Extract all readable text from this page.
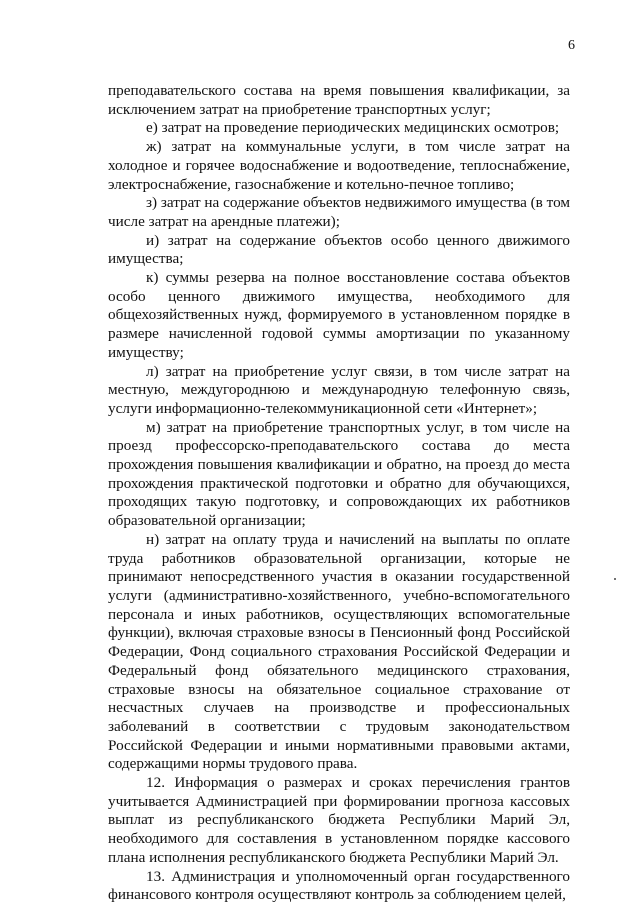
6

преподавательского состава на время повышения квалификации, за исключением затрат на приобретение транспортных услуг;

е) затрат на проведение периодических медицинских осмотров;

ж) затрат на коммунальные услуги, в том числе затрат на холодное и горячее водоснабжение и водоотведение, теплоснабжение, электроснабжение, газоснабжение и котельно-печное топливо;

з) затрат на содержание объектов недвижимого имущества (в том числе затрат на арендные платежи);

и) затрат на содержание объектов особо ценного движимого имущества;

к) суммы резерва на полное восстановление состава объектов особо ценного движимого имущества, необходимого для общехозяйственных нужд, формируемого в установленном порядке в размере начисленной годовой суммы амортизации по указанному имуществу;

л) затрат на приобретение услуг связи, в том числе затрат на местную, междугороднюю и международную телефонную связь, услуги информационно-телекоммуникационной сети «Интернет»;

м) затрат на приобретение транспортных услуг, в том числе на проезд профессорско-преподавательского состава до места прохождения повышения квалификации и обратно, на проезд до места прохождения практической подготовки и обратно для обучающихся, проходящих такую подготовку, и сопровождающих их работников образовательной организации;

н) затрат на оплату труда и начислений на выплаты по оплате труда работников образовательной организации, которые не принимают непосредственного участия в оказании государственной услуги (административно-хозяйственного, учебно-вспомогательного персонала и иных работников, осуществляющих вспомогательные функции), включая страховые взносы в Пенсионный фонд Российской Федерации, Фонд социального страхования Российской Федерации и Федеральный фонд обязательного медицинского страхования, страховые взносы на обязательное социальное страхование от несчастных случаев на производстве и профессиональных заболеваний в соответствии с трудовым законодательством Российской Федерации и иными нормативными правовыми актами, содержащими нормы трудового права.

12. Информация о размерах и сроках перечисления грантов учитывается Администрацией при формировании прогноза кассовых выплат из республиканского бюджета Республики Марий Эл, необходимого для составления в установленном порядке кассового плана исполнения республиканского бюджета Республики Марий Эл.

13. Администрация и уполномоченный орган государственного финансового контроля осуществляют контроль за соблюдением целей,
